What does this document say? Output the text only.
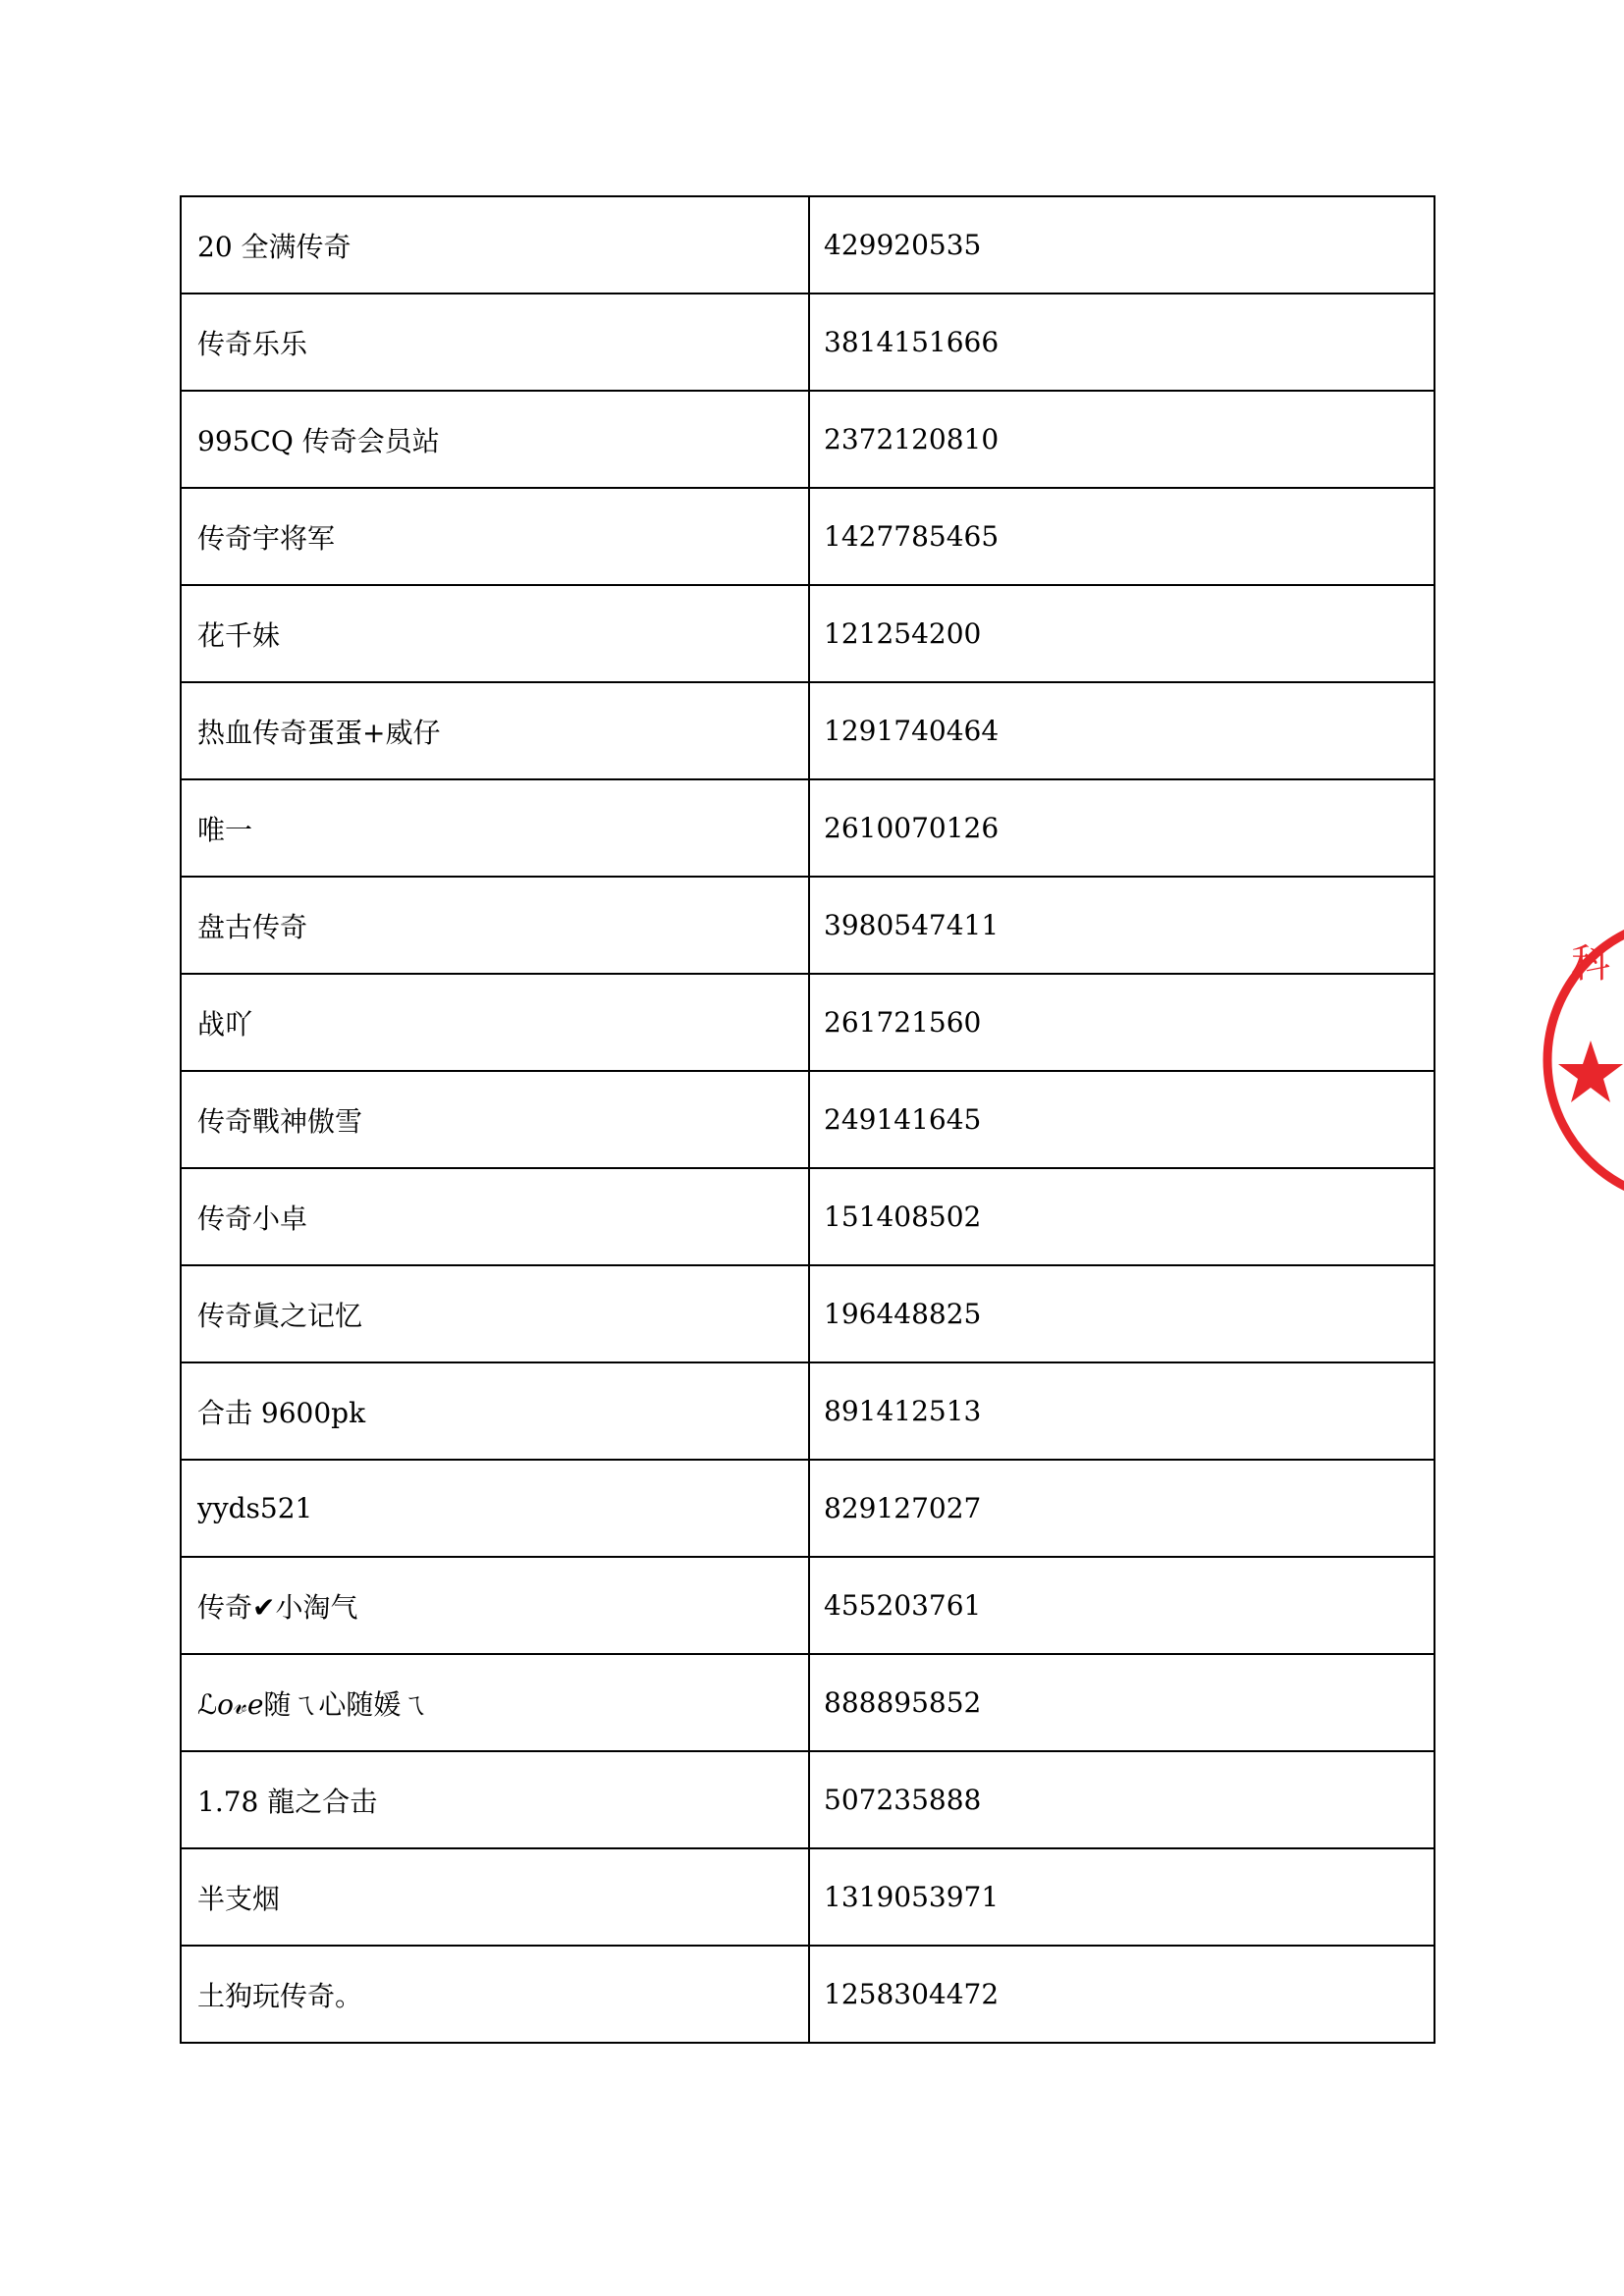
20 全满传奇	429920535
传奇乐乐	3814151666
995CQ 传奇会员站	2372120810
传奇宇将军	1427785465
花千妹	121254200
热血传奇蛋蛋+威仔	1291740464
唯一	2610070126
盘古传奇	3980547411
战吖	261721560
传奇戰神傲雪	249141645
传奇小卓	151408502
传奇眞之记忆	196448825
合击 9600pk	891412513
yyds521	829127027
传奇✔小淘气	455203761
ℒ𝑜𝓋𝑒随ㄟ心随媛ㄟ	888895852
1.78 龍之合击	507235888
半支烟	1319053971
土狗玩传奇。	1258304472
科
